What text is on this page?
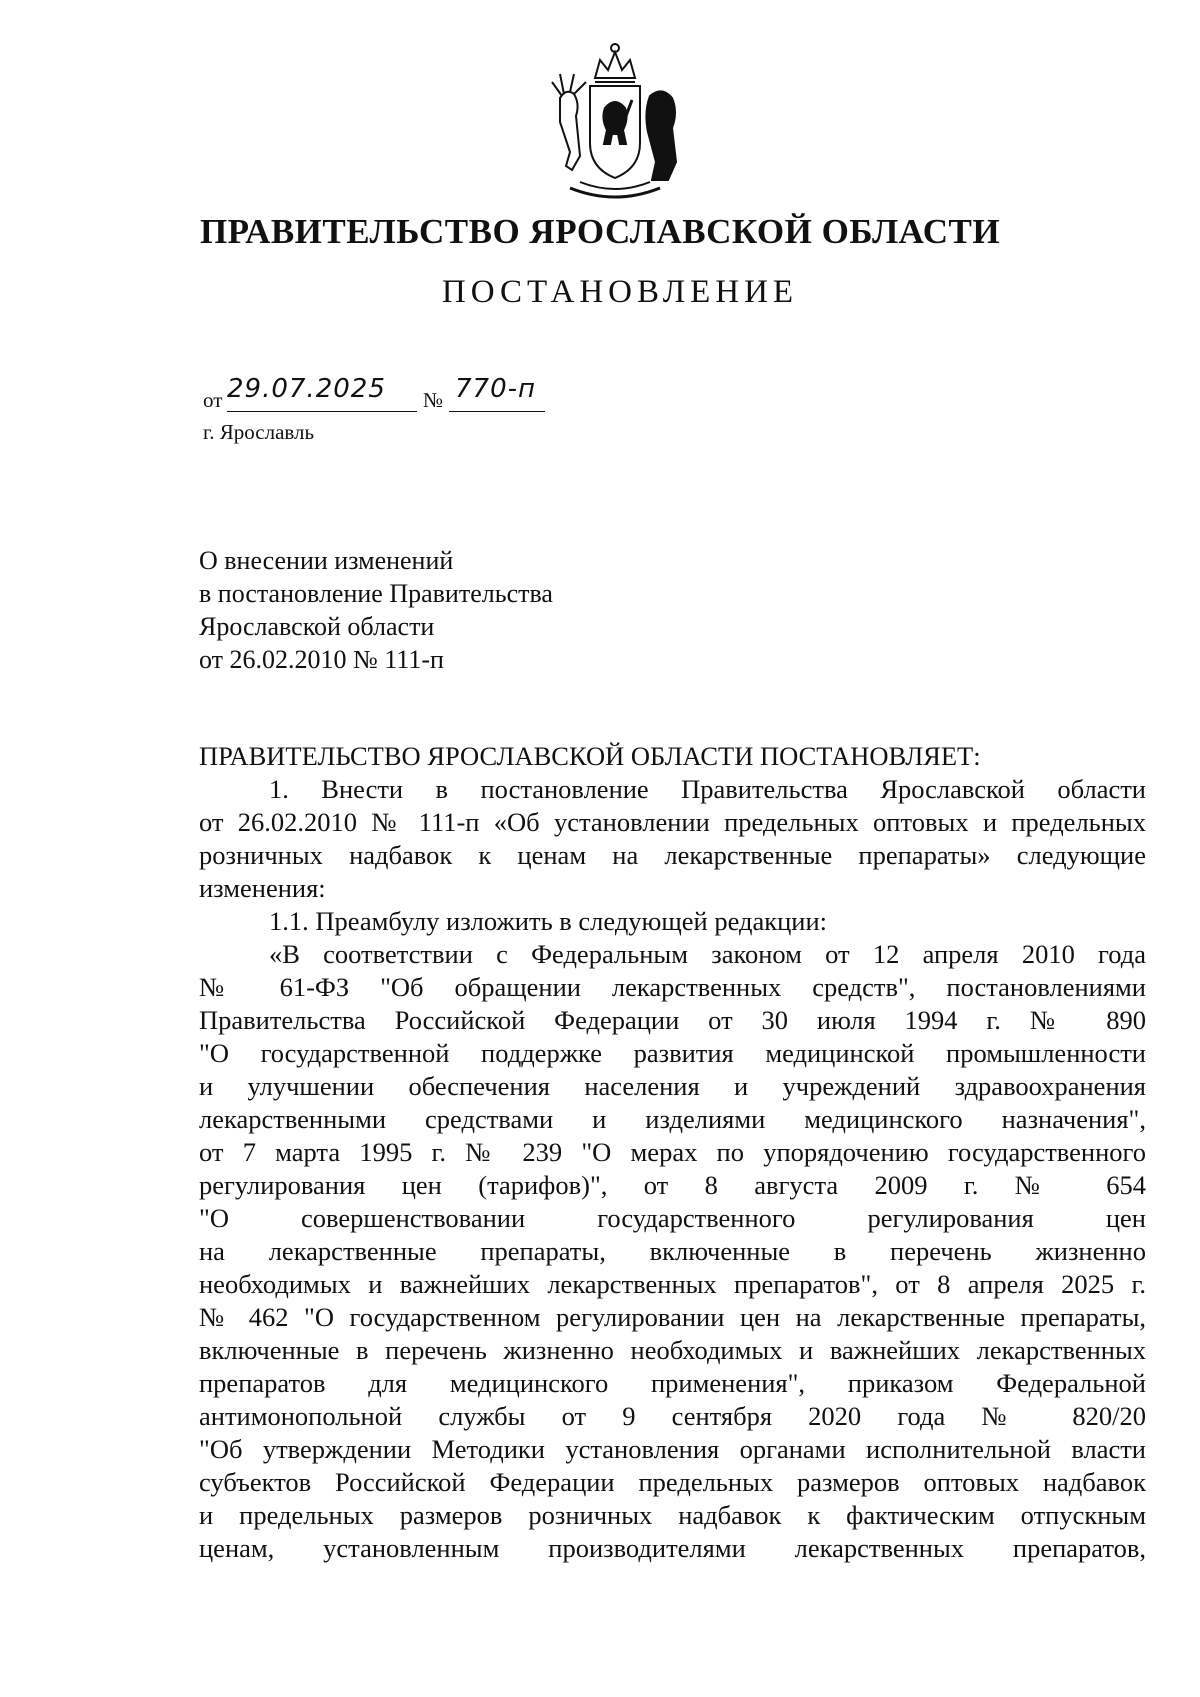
ПРАВИТЕЛЬСТВО ЯРОСЛАВСКОЙ ОБЛАСТИ
ПОСТАНОВЛЕНИЕ
от 29.07.2025 № 770-п
г. Ярославль
О внесении изменений
в постановление Правительства
Ярославской области
от 26.02.2010 № 111-п

ПРАВИТЕЛЬСТВО ЯРОСЛАВСКОЙ ОБЛАСТИ ПОСТАНОВЛЯЕТ:

1. Внести в постановление Правительства Ярославской области

от 26.02.2010 № 111-п «Об установлении предельных оптовых и предельных

розничных надбавок к ценам на лекарственные препараты» следующие

изменения:

1.1. Преамбулу изложить в следующей редакции:

«В соответствии с Федеральным законом от 12 апреля 2010 года

№ 61-ФЗ "Об обращении лекарственных средств", постановлениями

Правительства Российской Федерации от 30 июля 1994 г. № 890

"О государственной поддержке развития медицинской промышленности

и улучшении обеспечения населения и учреждений здравоохранения

лекарственными средствами и изделиями медицинского назначения",

от 7 марта 1995 г. № 239 "О мерах по упорядочению государственного

регулирования цен (тарифов)", от 8 августа 2009 г. № 654

"О совершенствовании государственного регулирования цен

на лекарственные препараты, включенные в перечень жизненно

необходимых и важнейших лекарственных препаратов", от 8 апреля 2025 г.

№ 462 "О государственном регулировании цен на лекарственные препараты,

включенные в перечень жизненно необходимых и важнейших лекарственных

препаратов для медицинского применения", приказом Федеральной

антимонопольной службы от 9 сентября 2020 года № 820/20

"Об утверждении Методики установления органами исполнительной власти

субъектов Российской Федерации предельных размеров оптовых надбавок

и предельных размеров розничных надбавок к фактическим отпускным

ценам, установленным производителями лекарственных препаратов,
